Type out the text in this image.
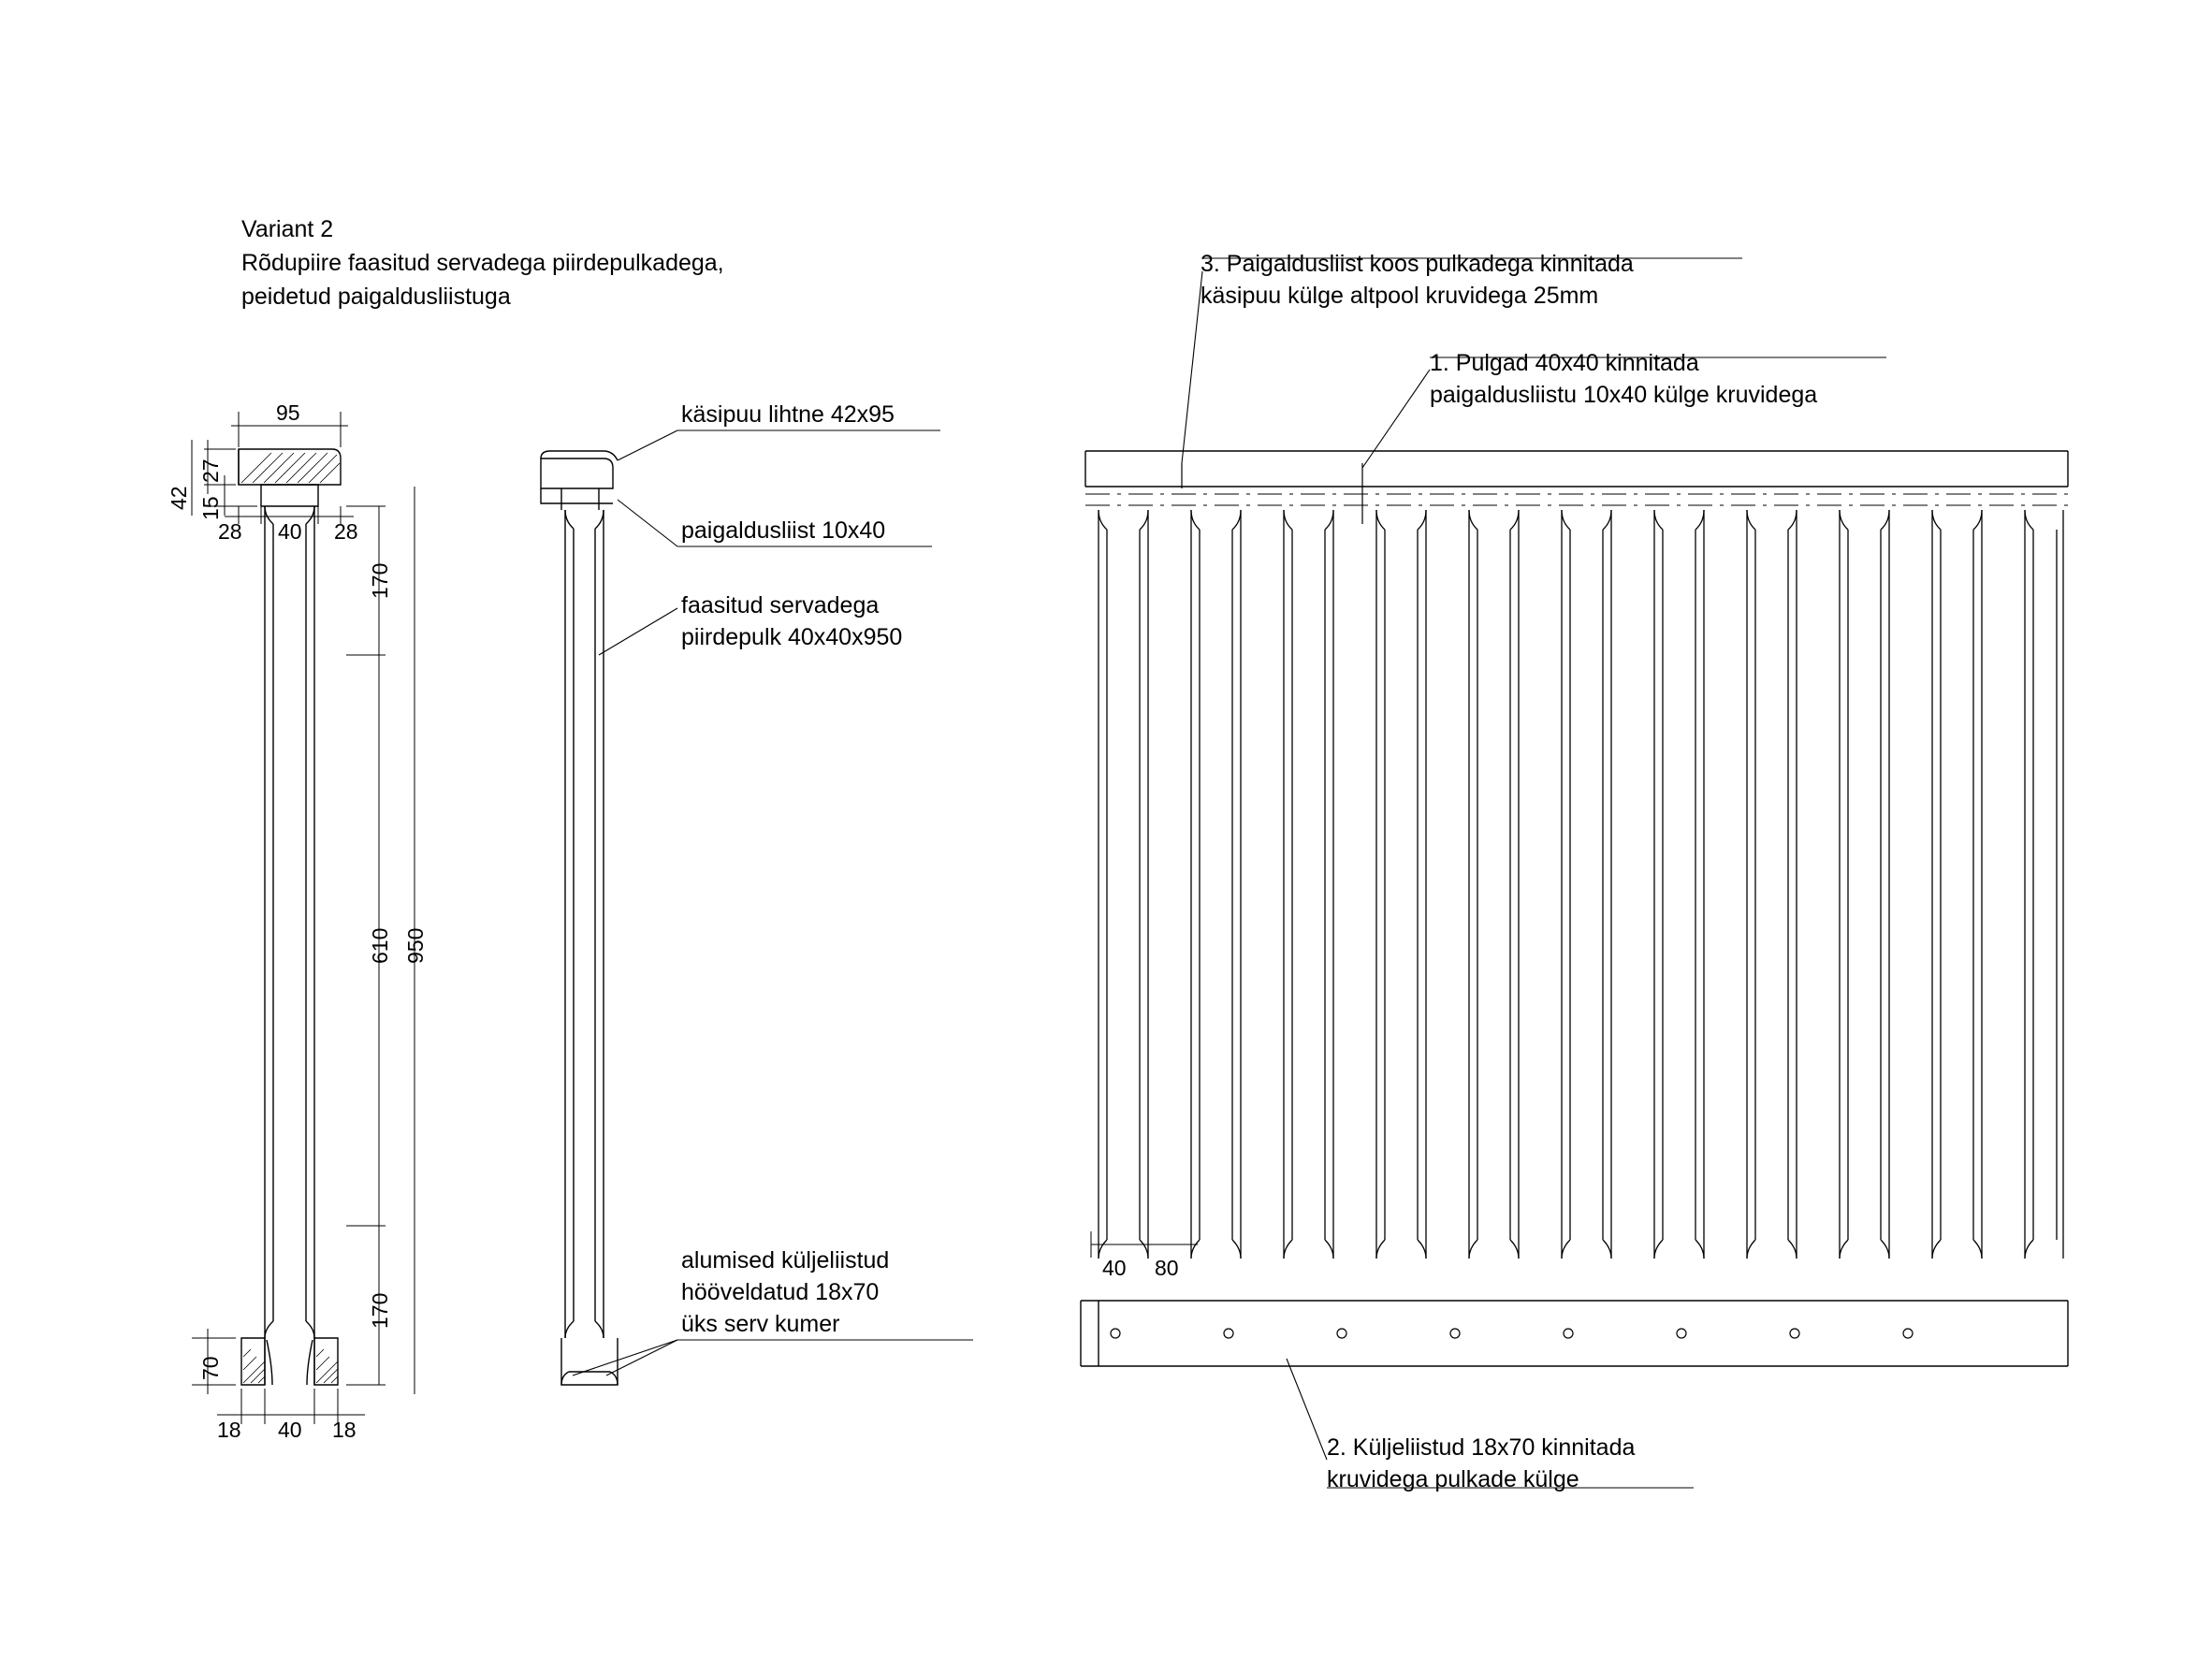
Variant 2
Rõdupiire faasitud servadega piirdepulkadega,
peidetud paigaldusliistuga
95
27
42 15
28 40 28
170
610 950
170
70
18 40 18
käsipuu lihtne 42x95
paigaldusliist 10x40
faasitud servadega
piirdepulk 40x40x950
alumised küljeliistud
hööveldatud 18x70
üks serv kumer
40 80
3. Paigaldusliist koos pulkadega kinnitada
käsipuu külge altpool kruvidega 25mm
1. Pulgad 40x40 kinnitada
paigaldusliistu 10x40 külge kruvidega
2. Küljeliistud 18x70 kinnitada
kruvidega pulkade külge
